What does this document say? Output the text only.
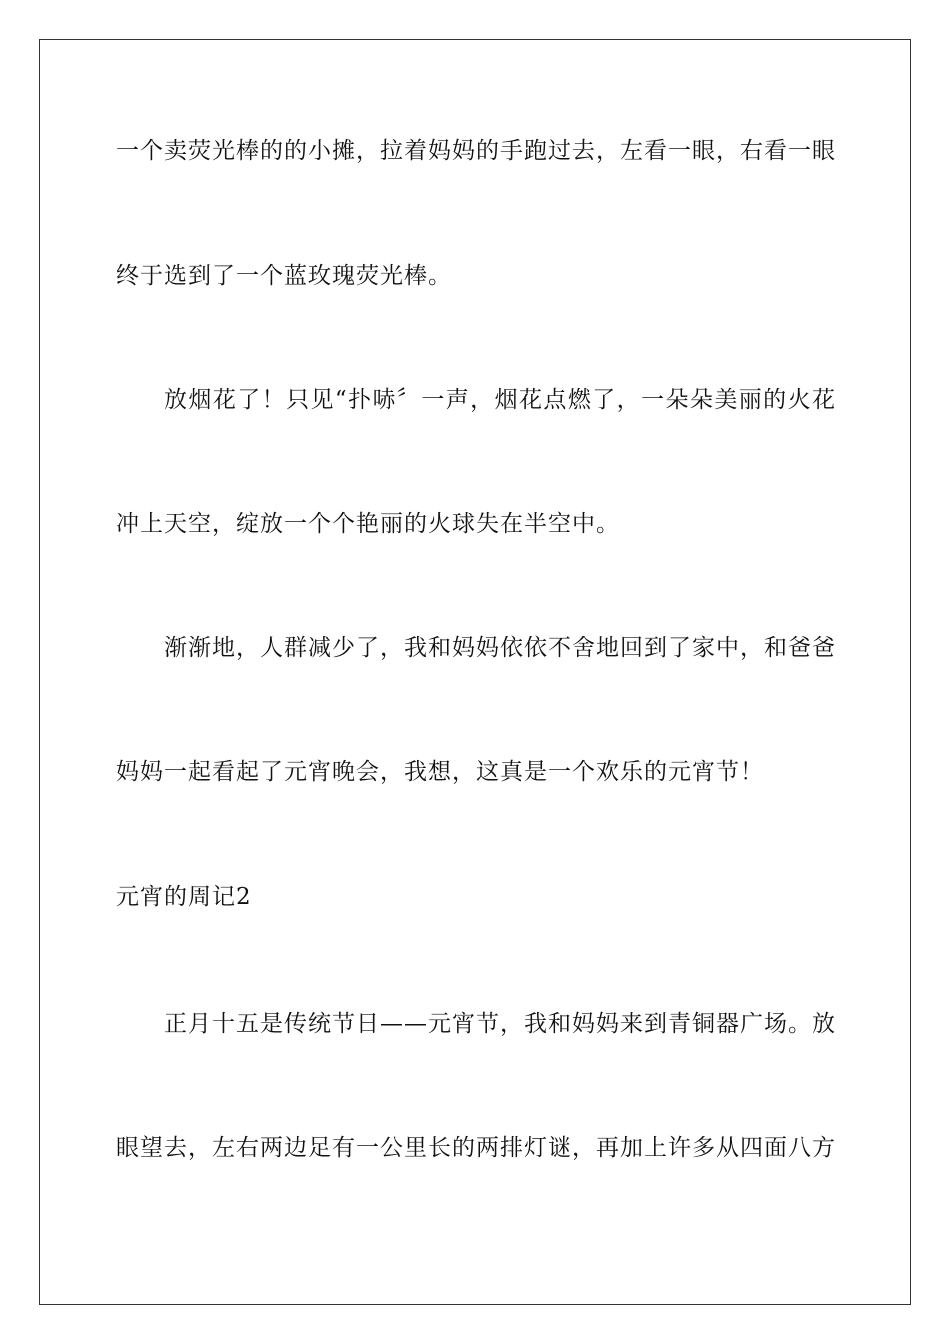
一个卖荧光棒的的小摊，拉着妈妈的手跑过去，左看一眼，右看一眼
终于选到了一个蓝玫瑰荧光棒。
放烟花了！只见“扑哧〞一声，烟花点燃了，一朵朵美丽的火花
冲上天空，绽放一个个艳丽的火球失在半空中。
渐渐地，人群减少了，我和妈妈依依不舍地回到了家中，和爸爸
妈妈一起看起了元宵晚会，我想，这真是一个欢乐的元宵节！
元宵的周记2
正月十五是传统节日——元宵节，我和妈妈来到青铜器广场。放
眼望去，左右两边足有一公里长的两排灯谜，再加上许多从四面八方
